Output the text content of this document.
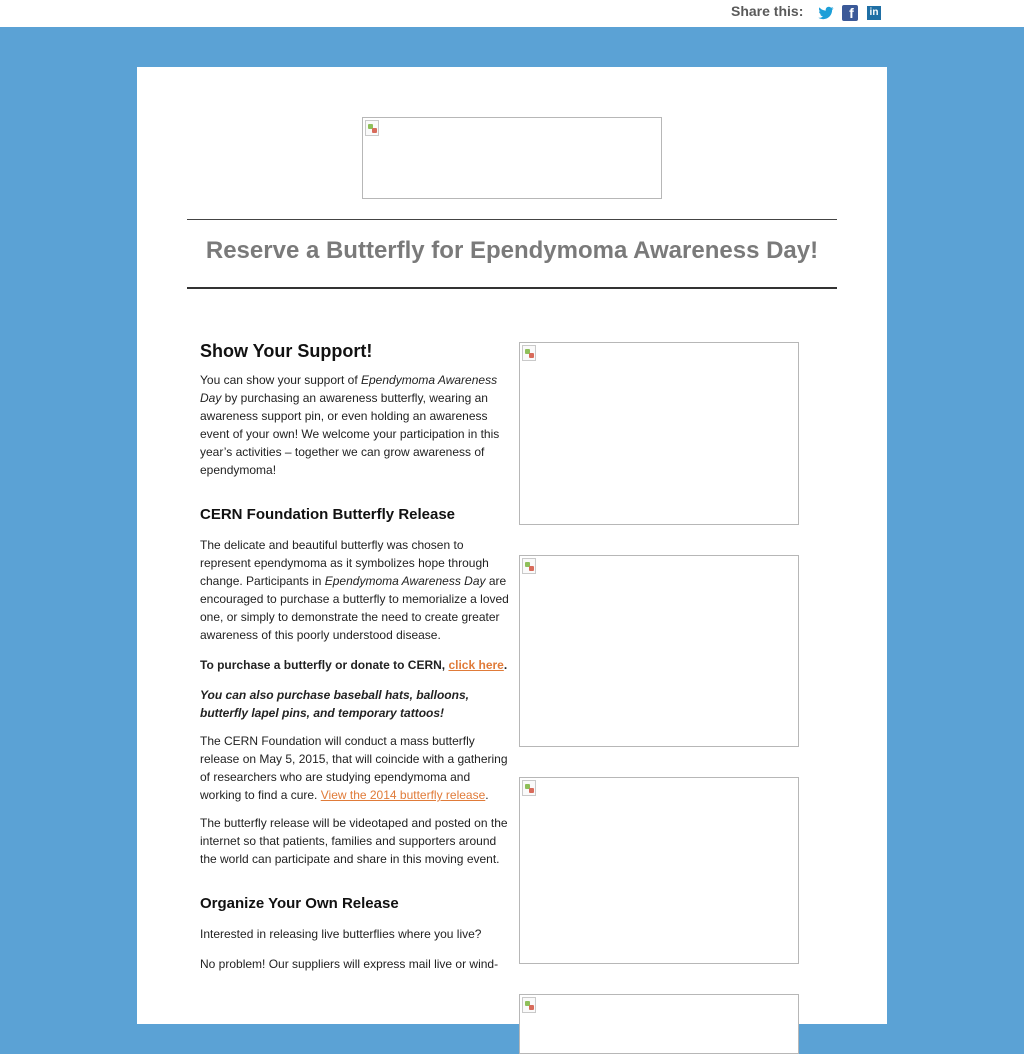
Share this:	f	in
Reserve a Butterfly for Ependymoma Awareness Day!
Show Your Support!

You can show your support of Ependymoma Awareness Day by purchasing an awareness butterfly, wearing an awareness support pin, or even holding an awareness event of your own! We welcome your participation in this year’s activities – together we can grow awareness of ependymoma!

CERN Foundation Butterfly Release

The delicate and beautiful butterfly was chosen to represent ependymoma as it symbolizes hope through change. Participants in Ependymoma Awareness Day are encouraged to purchase a butterfly to memorialize a loved one, or simply to demonstrate the need to create greater awareness of this poorly understood disease.

To purchase a butterfly or donate to CERN, click here.

You can also purchase baseball hats, balloons, butterfly lapel pins, and temporary tattoos!

The CERN Foundation will conduct a mass butterfly release on May 5, 2015, that will coincide with a gathering of researchers who are studying ependymoma and working to find a cure. View the 2014 butterfly release.

The butterfly release will be videotaped and posted on the internet so that patients, families and supporters around the world can participate and share in this moving event.

Organize Your Own Release

Interested in releasing live butterflies where you live?

No problem! Our suppliers will express mail live or wind-
